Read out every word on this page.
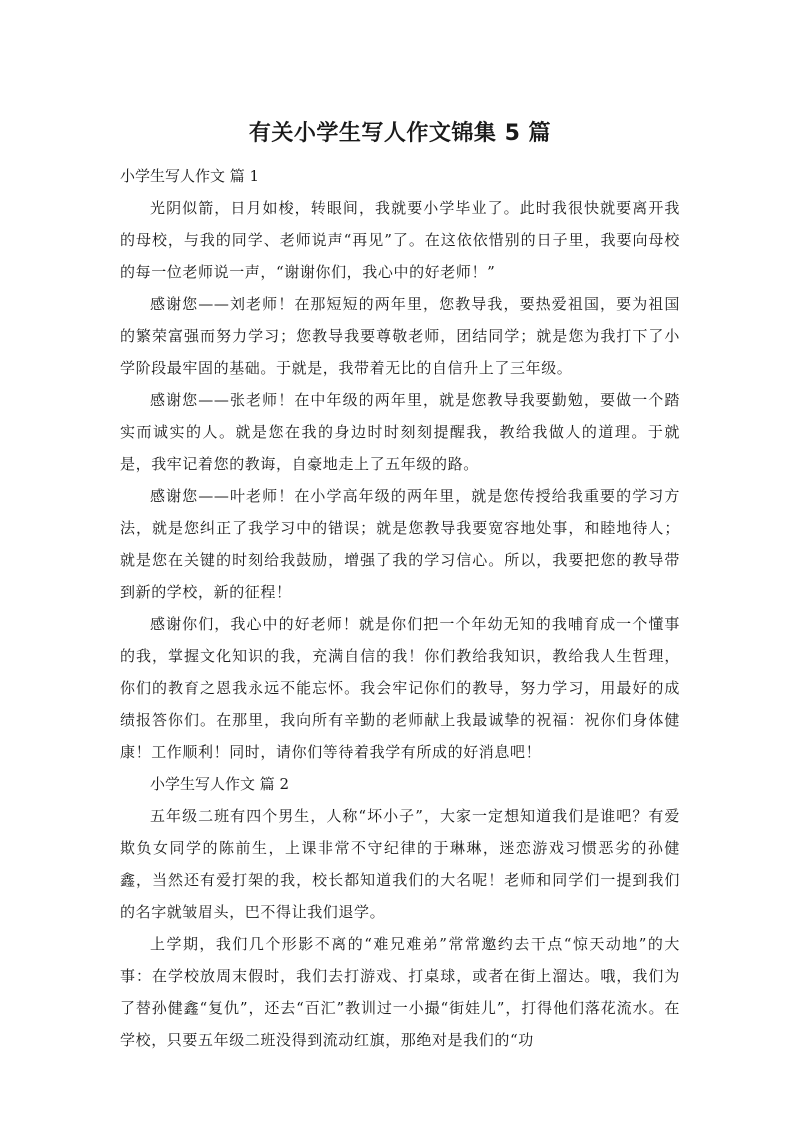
有关小学生写人作文锦集 5 篇

小学生写人作文 篇 1

光阴似箭，日月如梭，转眼间，我就要小学毕业了。此时我很快就要离开我的母校，与我的同学、老师说声“再见”了。在这依依惜别的日子里，我要向母校的每一位老师说一声，“谢谢你们，我心中的好老师！”

感谢您——刘老师！在那短短的两年里，您教导我，要热爱祖国，要为祖国的繁荣富强而努力学习；您教导我要尊敬老师，团结同学；就是您为我打下了小学阶段最牢固的基础。于就是，我带着无比的自信升上了三年级。

感谢您——张老师！在中年级的两年里，就是您教导我要勤勉，要做一个踏实而诚实的人。就是您在我的身边时时刻刻提醒我，教给我做人的道理。于就是，我牢记着您的教诲，自豪地走上了五年级的路。

感谢您——叶老师！在小学高年级的两年里，就是您传授给我重要的学习方法，就是您纠正了我学习中的错误；就是您教导我要宽容地处事，和睦地待人；就是您在关键的时刻给我鼓励，增强了我的学习信心。所以，我要把您的教导带到新的学校，新的征程！

感谢你们，我心中的好老师！就是你们把一个年幼无知的我哺育成一个懂事的我，掌握文化知识的我，充满自信的我！你们教给我知识，教给我人生哲理，你们的教育之恩我永远不能忘怀。我会牢记你们的教导，努力学习，用最好的成绩报答你们。在那里，我向所有辛勤的老师献上我最诚挚的祝福：祝你们身体健康！工作顺利！同时，请你们等待着我学有所成的好消息吧！

小学生写人作文 篇 2

五年级二班有四个男生，人称“坏小子”，大家一定想知道我们是谁吧？有爱欺负女同学的陈前生，上课非常不守纪律的于琳琳，迷恋游戏习惯恶劣的孙健鑫，当然还有爱打架的我，校长都知道我们的大名呢！老师和同学们一提到我们的名字就皱眉头，巴不得让我们退学。

上学期，我们几个形影不离的“难兄难弟”常常邀约去干点“惊天动地”的大事：在学校放周末假时，我们去打游戏、打桌球，或者在街上溜达。哦，我们为了替孙健鑫“复仇”，还去“百汇”教训过一小撮“街娃儿”，打得他们落花流水。在学校，只要五年级二班没得到流动红旗，那绝对是我们的“功
